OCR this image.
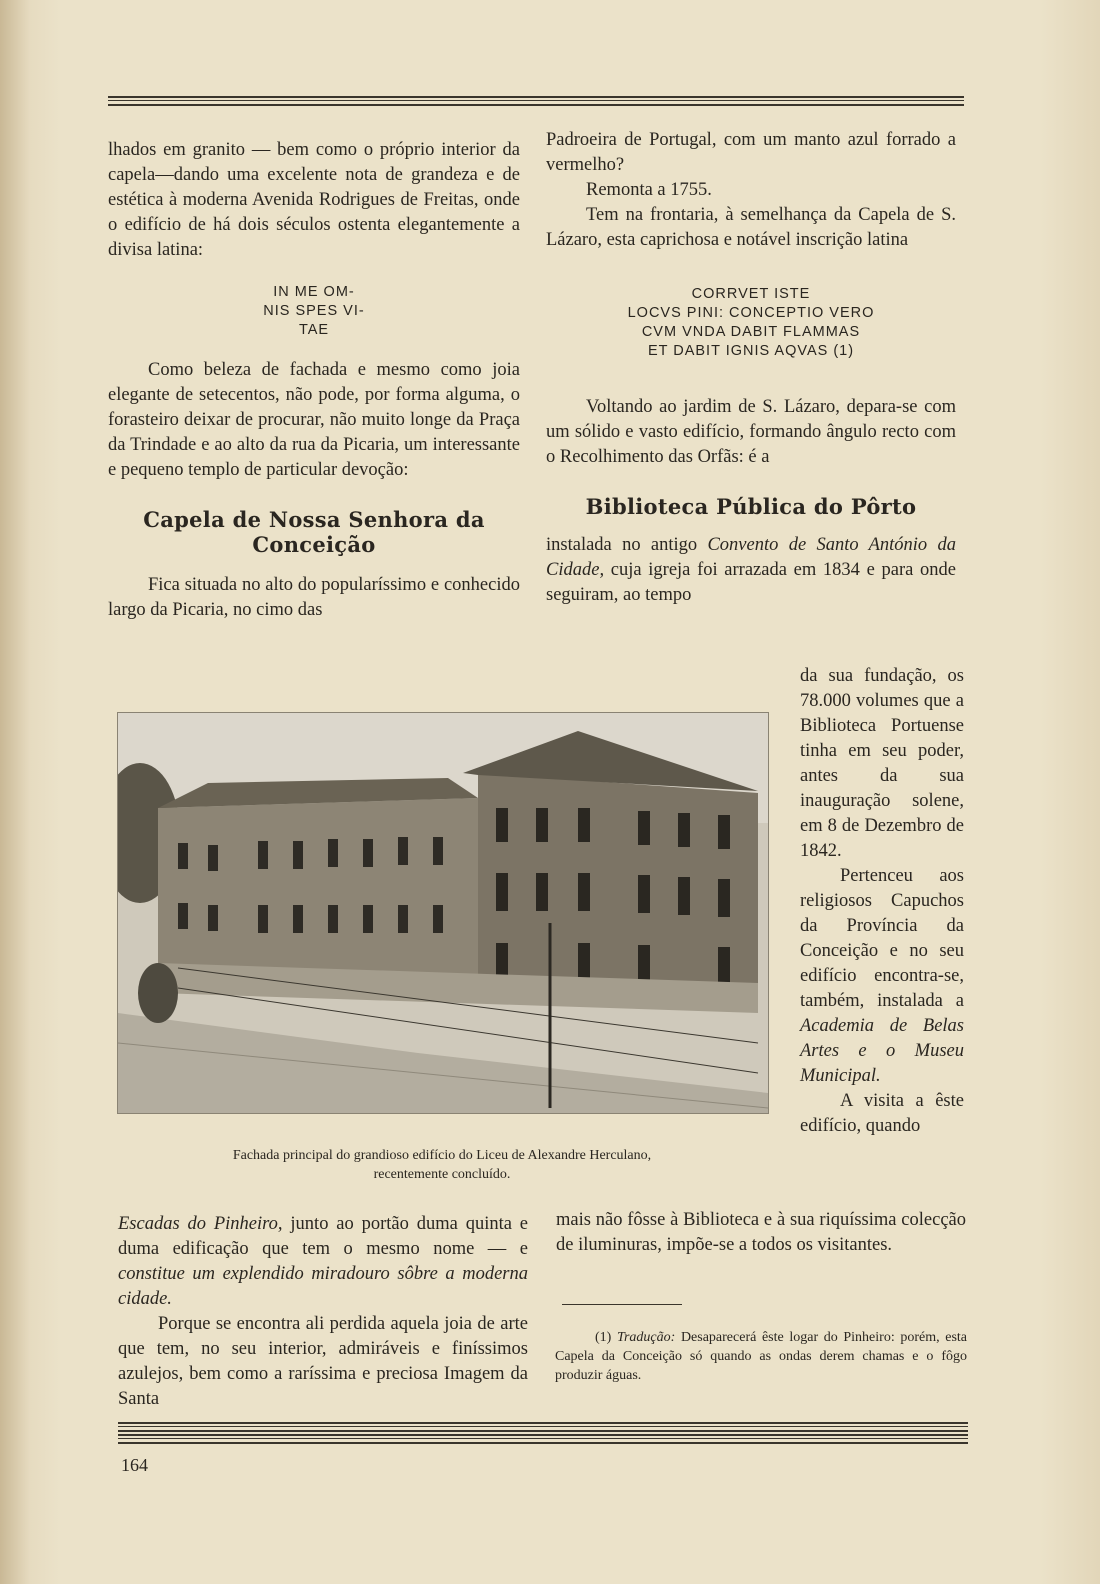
lhados em granito — bem como o próprio interior da capela—dando uma excelente nota de grandeza e de estética à moderna Avenida Rodrigues de Freitas, onde o edifício de há dois séculos ostenta elegantemente a divisa latina:

IN ME OM-
NIS SPES VI-
TAE

Como beleza de fachada e mesmo como joia elegante de setecentos, não pode, por forma alguma, o forasteiro deixar de procurar, não muito longe da Praça da Trindade e ao alto da rua da Picaria, um interessante e pequeno templo de particular devoção:

Capela de Nossa Senhora da Conceição

Fica situada no alto do popularíssimo e conhecido largo da Picaria, no cimo das

Padroeira de Portugal, com um manto azul forrado a vermelho?

Remonta a 1755.

Tem na frontaria, à semelhança da Capela de S. Lázaro, esta caprichosa e notável inscrição latina

CORRVET ISTE
LOCVS PINI: CONCEPTIO VERO
CVM VNDA DABIT FLAMMAS
ET DABIT IGNIS AQVAS (1)

Voltando ao jardim de S. Lázaro, depara-se com um sólido e vasto edifício, formando ângulo recto com o Recolhimento das Orfãs: é a

Biblioteca Pública do Pôrto

instalada no antigo Convento de Santo António da Cidade, cuja igreja foi arrazada em 1834 e para onde seguiram, ao tempo

da sua fundação, os 78.000 volumes que a Biblioteca Portuense tinha em seu poder, antes da sua inauguração solene, em 8 de Dezembro de 1842.

Pertenceu aos religiosos Capuchos da Província da Conceição e no seu edifício encontra-se, também, instalada a Academia de Belas Artes e o Museu Municipal.

A visita a êste edifício, quando

Fachada principal do grandioso edifício do Liceu de Alexandre Herculano,
recentemente concluído.

Escadas do Pinheiro, junto ao portão duma quinta e duma edificação que tem o mesmo nome — e constitue um explendido miradouro sôbre a moderna cidade.

Porque se encontra ali perdida aquela joia de arte que tem, no seu interior, admiráveis e finíssimos azulejos, bem como a raríssima e preciosa Imagem da Santa

mais não fôsse à Biblioteca e à sua riquíssima colecção de iluminuras, impõe-se a todos os visitantes.

(1) Tradução: Desaparecerá êste logar do Pinheiro: porém, esta Capela da Conceição só quando as ondas derem chamas e o fôgo produzir águas.
164
